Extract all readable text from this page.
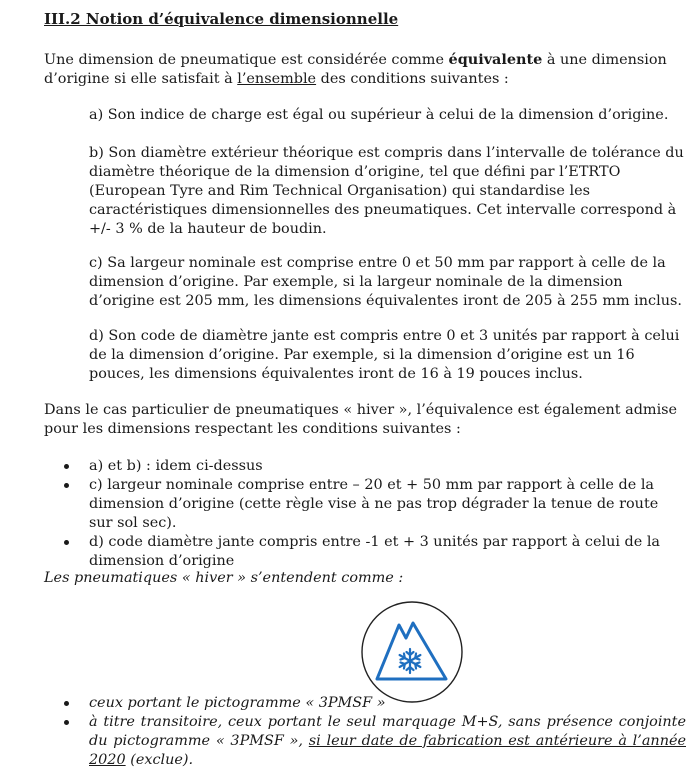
III.2 Notion d’équivalence dimensionnelle

Une dimension de pneumatique est considérée comme équivalente à une dimension d’origine si elle satisfait à l’ensemble des conditions suivantes :

a) Son indice de charge est égal ou supérieur à celui de la dimension d’origine.

b) Son diamètre extérieur théorique est compris dans l’intervalle de tolérance du diamètre théorique de la dimension d’origine, tel que défini par l’ETRTO (European Tyre and Rim Technical Organisation) qui standardise les caractéristiques dimensionnelles des pneumatiques. Cet intervalle correspond à +/- 3 % de la hauteur de boudin.

c) Sa largeur nominale est comprise entre 0 et 50 mm par rapport à celle de la dimension d’origine. Par exemple, si la largeur nominale de la dimension d’origine est 205 mm, les dimensions équivalentes iront de 205 à 255 mm inclus.

d) Son code de diamètre jante est compris entre 0 et 3 unités par rapport à celui de la dimension d’origine. Par exemple, si la dimension d’origine est un 16 pouces, les dimensions équivalentes iront de 16 à 19 pouces inclus.

Dans le cas particulier de pneumatiques « hiver », l’équivalence est également admise pour les dimensions respectant les conditions suivantes :

a) et b) : idem ci-dessus
c) largeur nominale comprise entre – 20 et + 50 mm par rapport à celle de la dimension d’origine (cette règle vise à ne pas trop dégrader la tenue de route sur sol sec).
d) code diamètre jante compris entre -1 et + 3 unités par rapport à celui de la dimension d’origine

Les pneumatiques « hiver » s’entendent comme :

ceux portant le pictogramme « 3PMSF »
à titre transitoire, ceux portant le seul marquage M+S, sans présence conjointe du pictogramme « 3PMSF », si leur date de fabrication est antérieure à l’année 2020 (exclue).
